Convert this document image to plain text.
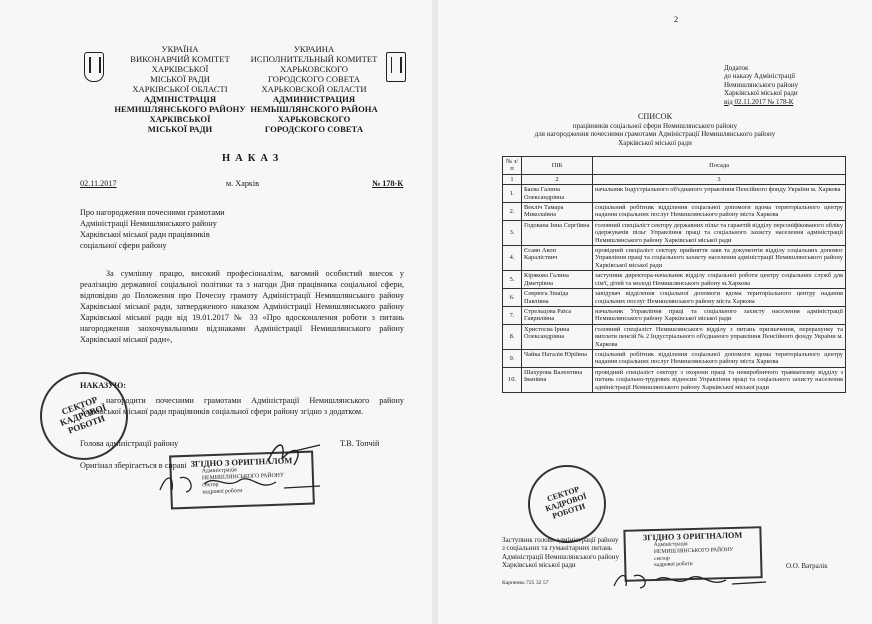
УКРАЇНА
ВИКОНАВЧИЙ КОМІТЕТ
ХАРКІВСЬКОЇ
МІСЬКОЇ РАДИ
ХАРКІВСЬКОЇ ОБЛАСТІ
АДМІНІСТРАЦІЯ
НЕМИШЛЯНСЬКОГО РАЙОНУ
ХАРКІВСЬКОЇ
МІСЬКОЇ РАДИ
УКРАИНА
ИСПОЛНИТЕЛЬНЫЙ КОМИТЕТ
ХАРЬКОВСКОГО
ГОРОДСКОГО СОВЕТА
ХАРЬКОВСКОЙ ОБЛАСТИ
АДМИНИСТРАЦИЯ
НЕМЫШЛЯНСКОГО РАЙОНА
ХАРЬКОВСКОГО
ГОРОДСКОГО СОВЕТА
НАКАЗ
02.11.2017	м. Харків	№ 178-К
Про нагородження почесними грамотами
Адміністрації Немишлянського району
Харківської міської ради працівників
соціальної сфери району
За сумлінну працю, високий професіоналізм, вагомий особистий внесок у реалізацію державної соціальної політики та з нагоди Дня працівника соціальної сфери, відповідно до Положення про Почесну грамоту Адміністрації Немишлянського району Харківської міської ради, затвердженого наказом Адміністрації Немишлянського району Харківської міської ради від 19.01.2017 № 33 «Про вдосконалення роботи з питань нагородження заохочувальними відзнаками Адміністрації Немишлянського району Харківської міської ради»,
НАКАЗУЮ:
нагородити почесними грамотами Адміністрації Немишлянського району Харківської міської ради працівників соціальної сфери району згідно з додатком.
Голова адміністрації району	Т.В. Топчій
Оригінал зберігається в справі
СЕКТОР КАДРОВОЇ РОБОТИ
ЗГІДНО З ОРИГІНАЛОМ
Адміністрація
НЕМИШЛЯНСЬКОГО РАЙОНУ
сектор
кадрової роботи
2
Додаток
до наказу Адміністрації
Немишлянського району
Харківської міської ради
від 02.11.2017 № 178-К
СПИСОК
працівників соціальної сфери Немишлянського району
для нагородження почесними грамотами Адміністрації Немишлянського району
Харківської міської ради
№ з/п	ПІБ	Посада
1	2	3
1.	Баєва Галина Олександрівна	начальник Індустріального об'єднаного управління Пенсійного фонду України м. Харкова
2.	Векліч Тамара Миколаївна	соціальний робітник відділення соціальної допомоги вдома територіального центру надання соціальних послуг Немишлянського району міста Харкова
3.	Годована Інна Сергіївна	головний спеціаліст сектору державних пільг та гарантій відділу персоніфікованого обліку одержувачів пільг Управління праці та соціального захисту населення адміністрації Немишлянського району Харківської міської ради
4.	Єсаян Акоп Караліствич	провідний спеціаліст сектору прийняття заяв та документів відділу соціальних допомог Управління праці та соціального захисту населення адміністрації Немишлянського району Харківської міської ради
5.	Кірякова Галина Дмитрівна	заступник директора-начальник відділу соціальної роботи центру соціальних служб для сім'ї, дітей та молоді Немишлянського району м.Харкова
6.	Севрюга Зінаїда Павлівна	завідувач відділення соціальної допомоги вдома територіального центру надання соціальних послуг Немишлянського району міста Харкова
7.	Стрельцова Раїса Гаврилівна	начальник Управління праці та соціального захисту населення адміністрації Немишлянського району Харківської міської ради
8.	Христосва Ірина Олександрівна	головний спеціаліст Немишлянського відділу з питань призначення, перерахунку та виплати пенсій № 2 Індустріального об'єднаного управління Пенсійного фонду України м. Харкова
9.	Чайка Наталія Юріївна	соціальний робітник відділення соціальної допомоги вдома територіального центру надання соціальних послуг Немишлянського району міста Харкова
10.	Шахурова Валентина Іванівна	провідний спеціаліст сектору з охорони праці та невиробничого травматизму відділу з питань соціально-трудових відносин Управління праці та соціального захисту населення адміністрації Немишлянського району Харківської міської ради
Заступник голови адміністрації району
з соціальних та гуманітарних питань
Адміністрації Немишлянського району
Харківської міської ради	О.О. Ватралік
Карпенко 725 32 57
СЕКТОР КАДРОВОЇ РОБОТИ
ЗГІДНО З ОРИГІНАЛОМ
Адміністрація
НЕМИШЛЯНСЬКОГО РАЙОНУ
сектор
кадрової роботи
